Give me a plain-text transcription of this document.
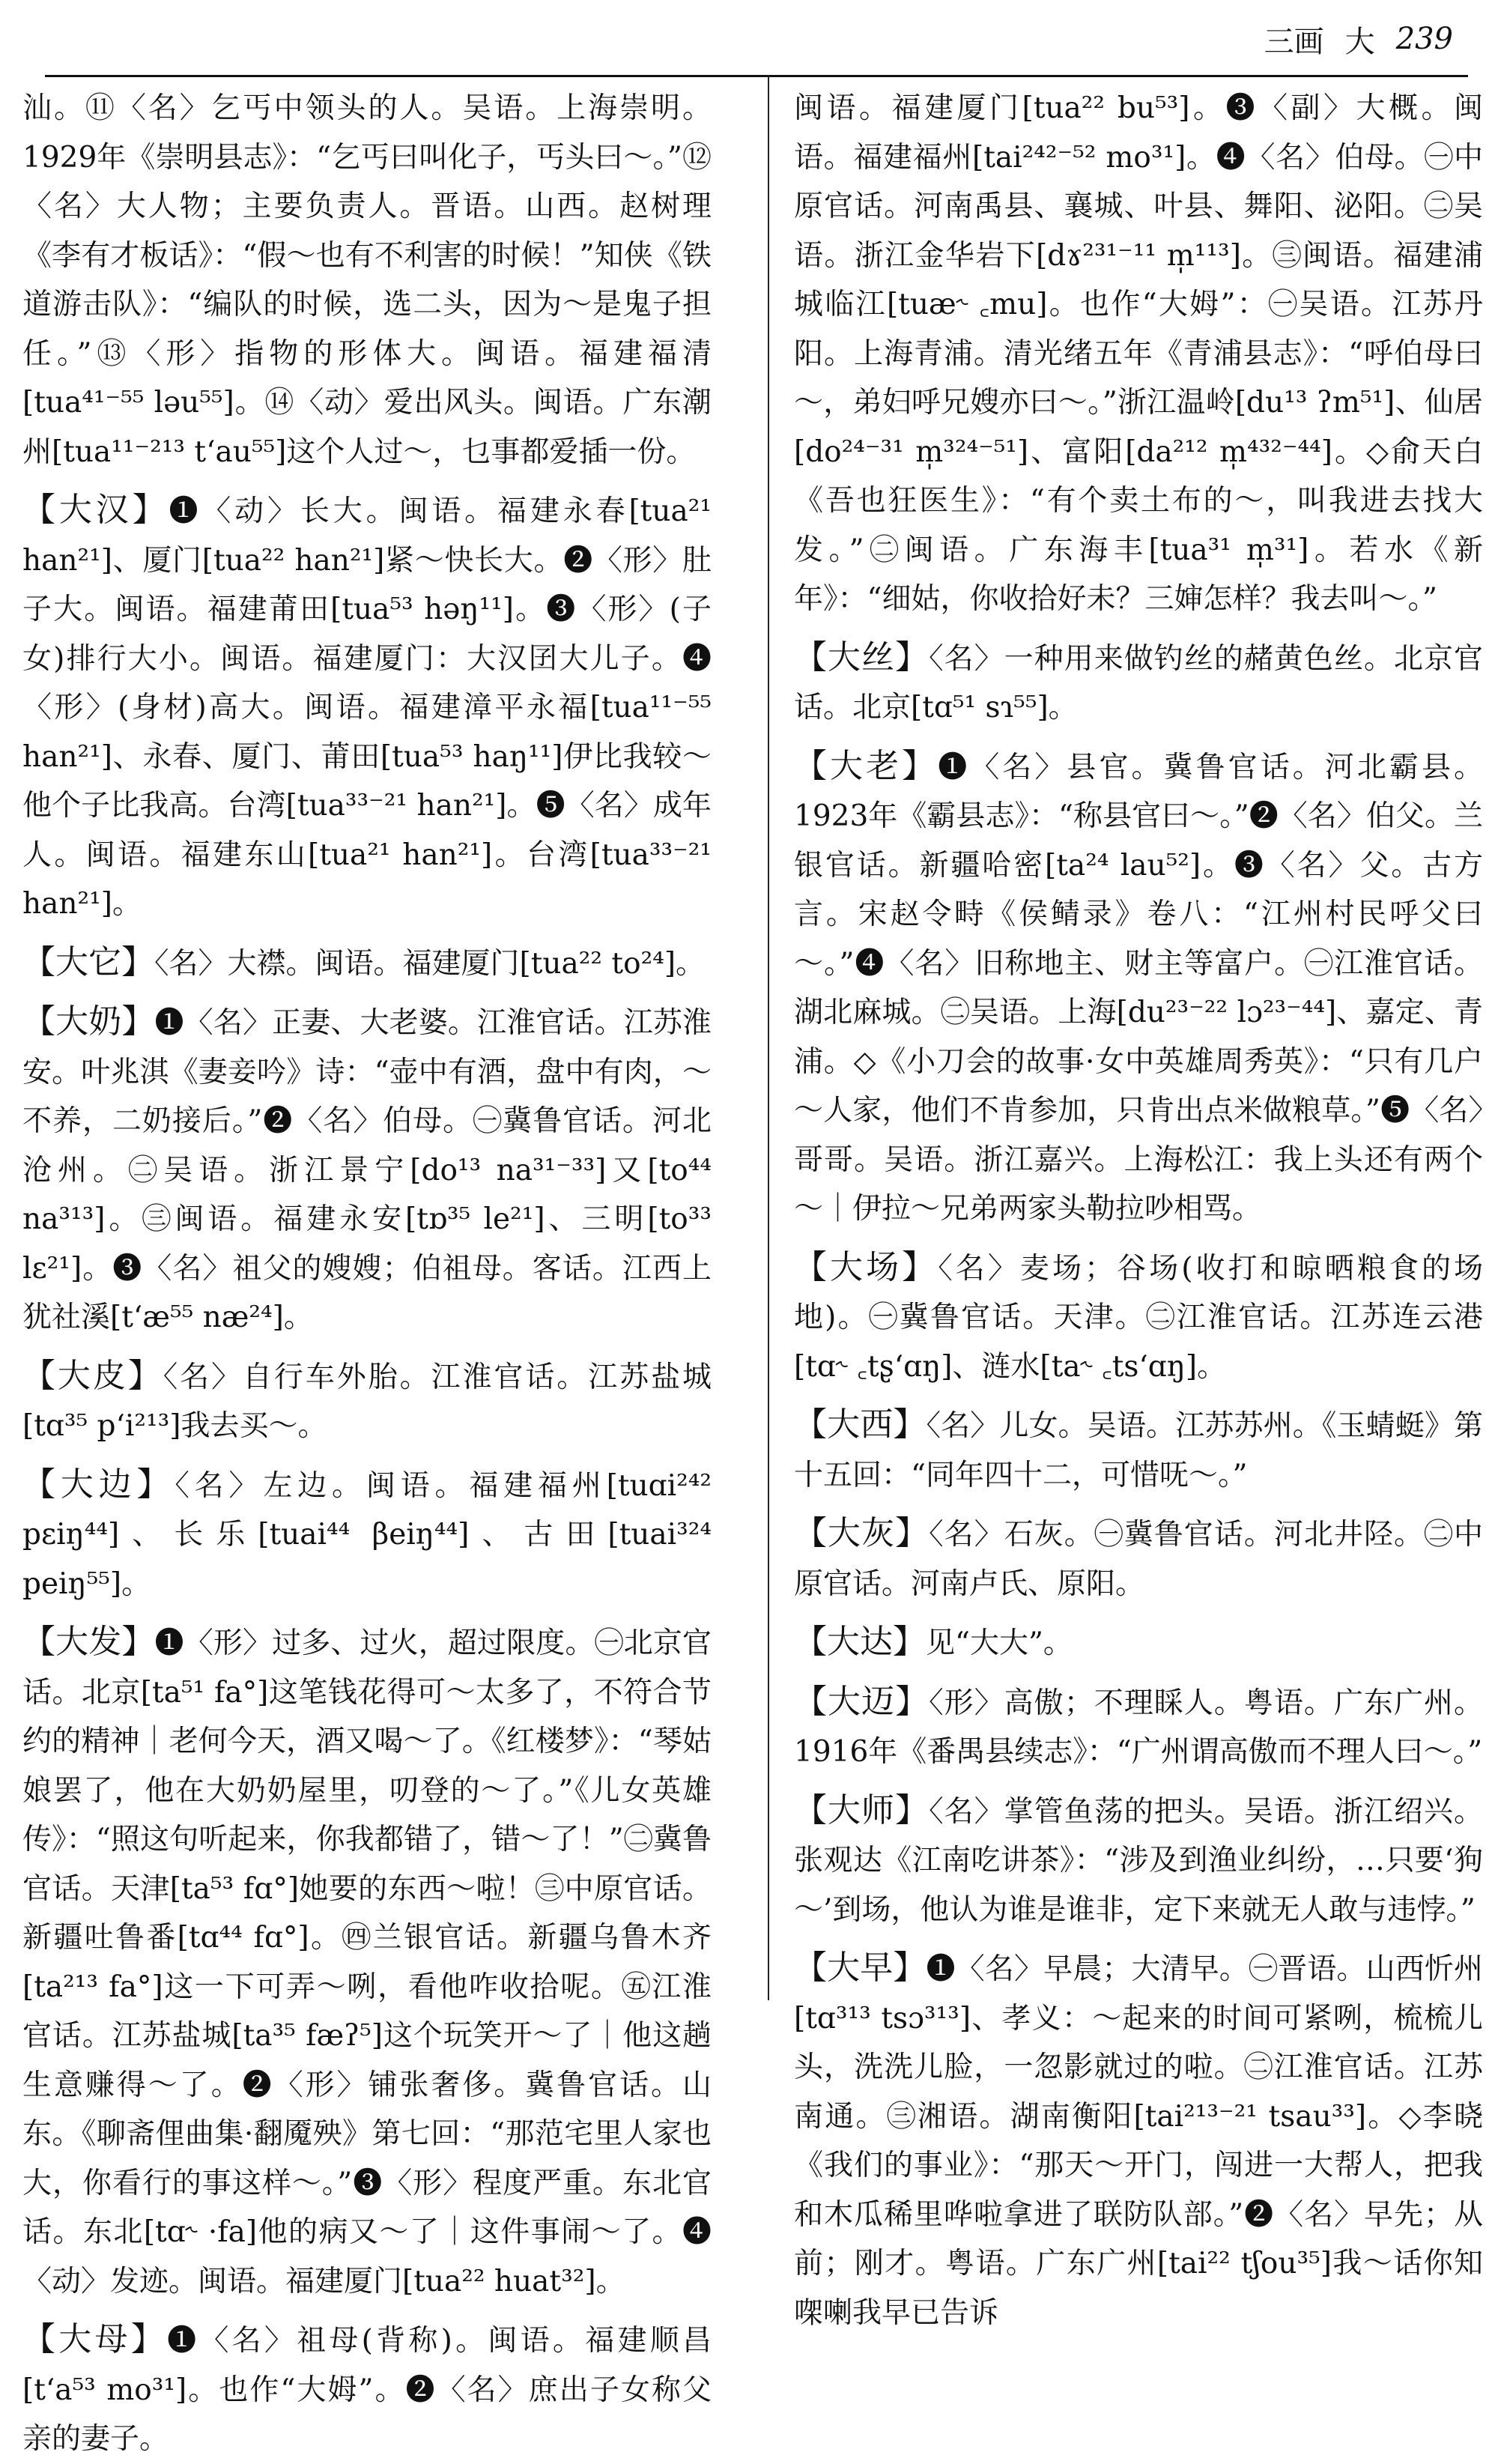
三画 大 239

汕。⑪〈名〉乞丐中领头的人。吴语。上海崇明。1929年《崇明县志》：“乞丐曰叫化子，丐头曰～。”⑫〈名〉大人物；主要负责人。晋语。山西。赵树理《李有才板话》：“假～也有不利害的时候！”知侠《铁道游击队》：“编队的时候，选二头，因为～是鬼子担任。”⑬〈形〉指物的形体大。闽语。福建福清[tua⁴¹⁻⁵⁵ ləu⁵⁵]。⑭〈动〉爱出风头。闽语。广东潮州[tua¹¹⁻²¹³ t‘au⁵⁵]这个人过～，乜事都爱插一份。

【大汉】❶〈动〉长大。闽语。福建永春[tua²¹ han²¹]、厦门[tua²² han²¹]紧～快长大。❷〈形〉肚子大。闽语。福建莆田[tua⁵³ həŋ¹¹]。❸〈形〉(子女)排行大小。闽语。福建厦门：大汉囝大儿子。❹〈形〉(身材)高大。闽语。福建漳平永福[tua¹¹⁻⁵⁵ han²¹]、永春、厦门、莆田[tua⁵³ haŋ¹¹]伊比我较～他个子比我高。台湾[tua³³⁻²¹ han²¹]。❺〈名〉成年人。闽语。福建东山[tua²¹ han²¹]。台湾[tua³³⁻²¹ han²¹]。

【大它】〈名〉大襟。闽语。福建厦门[tua²² to²⁴]。

【大奶】❶〈名〉正妻、大老婆。江淮官话。江苏淮安。叶兆淇《妻妾吟》诗：“壶中有酒，盘中有肉，～不养，二奶接后。”❷〈名〉伯母。㊀冀鲁官话。河北沧州。㊁吴语。浙江景宁[do¹³ na³¹⁻³³]又[to⁴⁴ na³¹³]。㊂闽语。福建永安[tɒ³⁵ le²¹]、三明[to³³ lɛ²¹]。❸〈名〉祖父的嫂嫂；伯祖母。客话。江西上犹社溪[t‘æ⁵⁵ næ²⁴]。

【大皮】〈名〉自行车外胎。江淮官话。江苏盐城[tɑ³⁵ p‘i²¹³]我去买～。

【大边】〈名〉左边。闽语。福建福州[tuɑi²⁴² pɛiŋ⁴⁴]、长乐[tuai⁴⁴ βeiŋ⁴⁴]、古田[tuai³²⁴ peiŋ⁵⁵]。

【大发】❶〈形〉过多、过火，超过限度。㊀北京官话。北京[ta⁵¹ fa°]这笔钱花得可～太多了，不符合节约的精神｜老何今天，酒又喝～了。《红楼梦》：“琴姑娘罢了，他在大奶奶屋里，叨登的～了。”《儿女英雄传》：“照这句听起来，你我都错了，错～了！”㊁冀鲁官话。天津[ta⁵³ fɑ°]她要的东西～啦！㊂中原官话。新疆吐鲁番[tɑ⁴⁴ fɑ°]。㊃兰银官话。新疆乌鲁木齐[ta²¹³ fa°]这一下可弄～咧，看他咋收拾呢。㊄江淮官话。江苏盐城[ta³⁵ fæʔ⁵]这个玩笑开～了｜他这趟生意赚得～了。❷〈形〉铺张奢侈。冀鲁官话。山东。《聊斋俚曲集·翻魇殃》第七回：“那范宅里人家也大，你看行的事这样～。”❸〈形〉程度严重。东北官话。东北[tɑ˞ ·fa]他的病又～了｜这件事闹～了。❹〈动〉发迹。闽语。福建厦门[tua²² huat³²]。

【大母】❶〈名〉祖母(背称)。闽语。福建顺昌[t‘a⁵³ mo³¹]。也作“大姆”。❷〈名〉庶出子女称父亲的妻子。

闽语。福建厦门[tua²² bu⁵³]。❸〈副〉大概。闽语。福建福州[tai²⁴²⁻⁵² mo³¹]。❹〈名〉伯母。㊀中原官话。河南禹县、襄城、叶县、舞阳、泌阳。㊁吴语。浙江金华岩下[dɤ²³¹⁻¹¹ m̩¹¹³]。㊂闽语。福建浦城临江[tuæ˞ ꜀mu]。也作“大姆”：㊀吴语。江苏丹阳。上海青浦。清光绪五年《青浦县志》：“呼伯母曰～，弟妇呼兄嫂亦曰～。”浙江温岭[du¹³ ʔm⁵¹]、仙居[do²⁴⁻³¹ m̩³²⁴⁻⁵¹]、富阳[da²¹² m̩⁴³²⁻⁴⁴]。◇俞天白《吾也狂医生》：“有个卖土布的～，叫我进去找大发。”㊁闽语。广东海丰[tua³¹ m̩³¹]。若水《新年》：“细姑，你收拾好未？三婶怎样？我去叫～。”

【大丝】〈名〉一种用来做钓丝的赭黄色丝。北京官话。北京[tɑ⁵¹ sɿ⁵⁵]。

【大老】❶〈名〉县官。冀鲁官话。河北霸县。1923年《霸县志》：“称县官曰～。”❷〈名〉伯父。兰银官话。新疆哈密[ta²⁴ lau⁵²]。❸〈名〉父。古方言。宋赵令畤《侯鲭录》卷八：“江州村民呼父曰～。”❹〈名〉旧称地主、财主等富户。㊀江淮官话。湖北麻城。㊁吴语。上海[du²³⁻²² lɔ²³⁻⁴⁴]、嘉定、青浦。◇《小刀会的故事·女中英雄周秀英》：“只有几户～人家，他们不肯参加，只肯出点米做粮草。”❺〈名〉哥哥。吴语。浙江嘉兴。上海松江：我上头还有两个～｜伊拉～兄弟两家头勒拉吵相骂。

【大场】〈名〉麦场；谷场(收打和晾晒粮食的场地)。㊀冀鲁官话。天津。㊁江淮官话。江苏连云港[tɑ˞ ꜀tʂ‘ɑŋ]、涟水[ta˞ ꜀ts‘ɑŋ]。

【大西】〈名〉儿女。吴语。江苏苏州。《玉蜻蜓》第十五回：“同年四十二，可惜呒～。”

【大灰】〈名〉石灰。㊀冀鲁官话。河北井陉。㊁中原官话。河南卢氏、原阳。

【大达】见“大大”。

【大迈】〈形〉高傲；不理睬人。粤语。广东广州。1916年《番禺县续志》：“广州谓高傲而不理人曰～。”

【大师】〈名〉掌管鱼荡的把头。吴语。浙江绍兴。张观达《江南吃讲茶》：“涉及到渔业纠纷，…只要‘狗～’到场，他认为谁是谁非，定下来就无人敢与违悖。”

【大早】❶〈名〉早晨；大清早。㊀晋语。山西忻州[tɑ³¹³ tsɔ³¹³]、孝义：～起来的时间可紧咧，梳梳儿头，洗洗儿脸，一忽影就过的啦。㊁江淮官话。江苏南通。㊂湘语。湖南衡阳[tai²¹³⁻²¹ tsau³³]。◇李晓《我们的事业》：“那天～开门，闯进一大帮人，把我和木瓜稀里哗啦拿进了联防队部。”❷〈名〉早先；从前；刚才。粤语。广东广州[tai²² tʃou³⁵]我～话你知㗎喇我早已告诉
